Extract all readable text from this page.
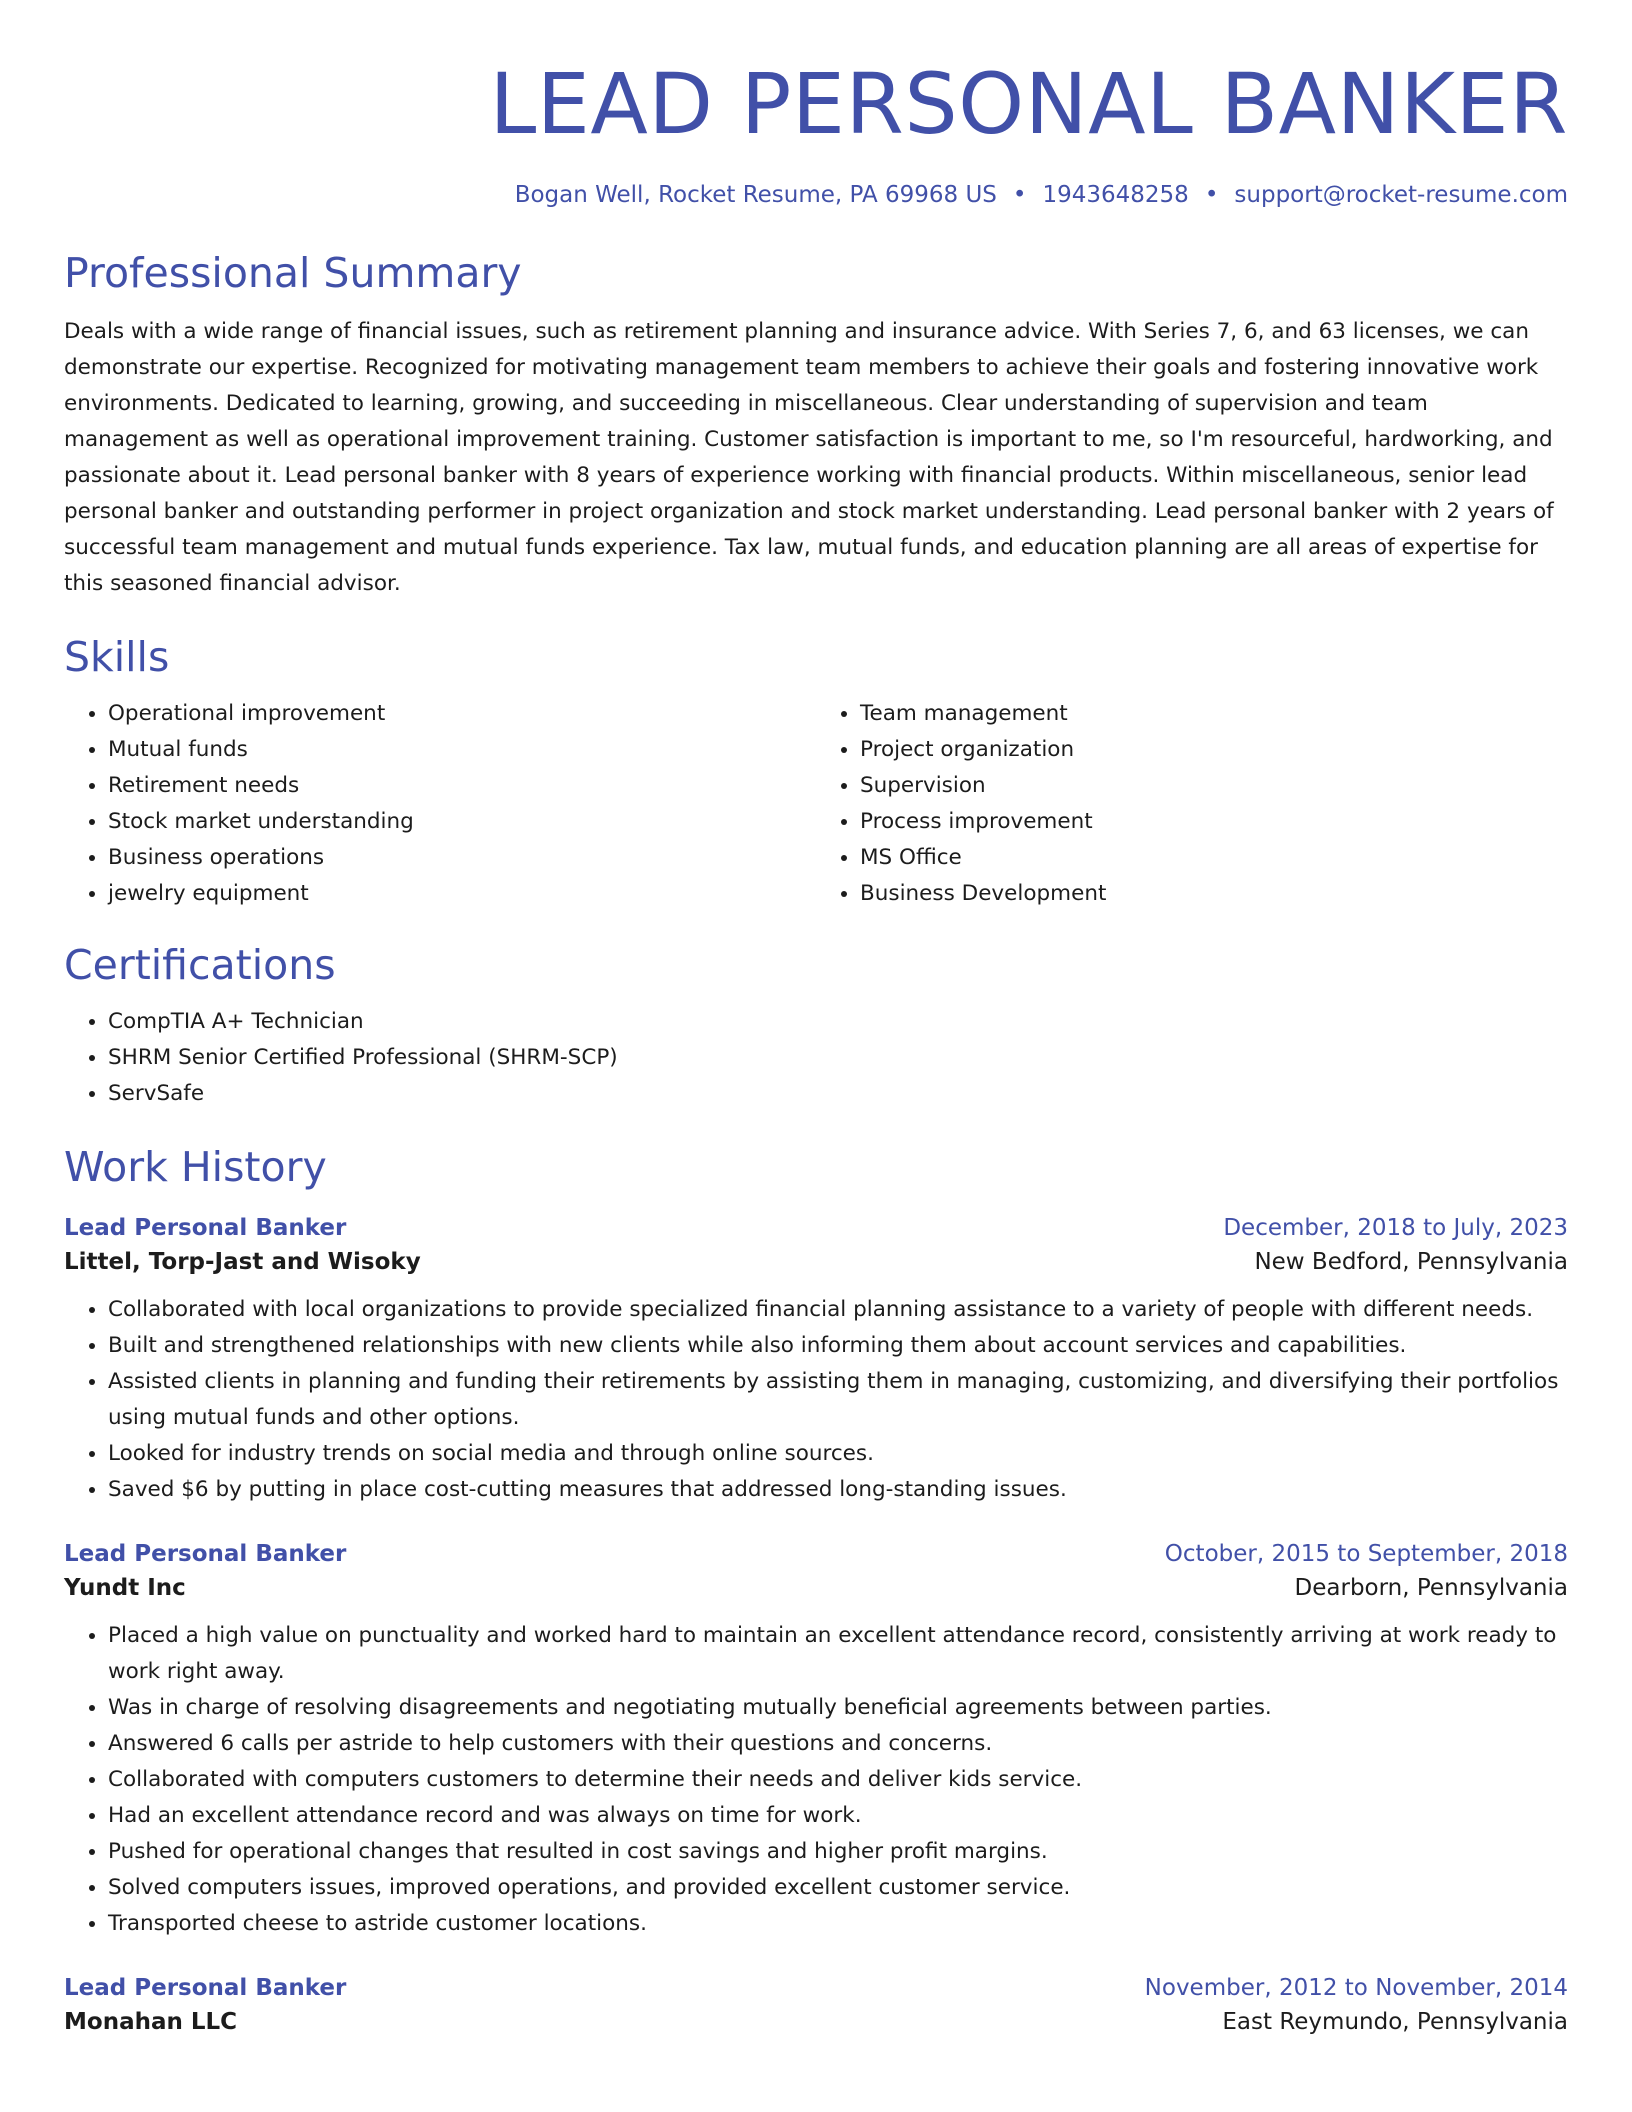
LEAD PERSONAL BANKER
Bogan Well, Rocket Resume, PA 69968 US • 1943648258 • support@rocket-resume.com
Professional Summary

Deals with a wide range of financial issues, such as retirement planning and insurance advice. With Series 7, 6, and 63 licenses, we can demonstrate our expertise. Recognized for motivating management team members to achieve their goals and fostering innovative work environments. Dedicated to learning, growing, and succeeding in miscellaneous. Clear understanding of supervision and team management as well as operational improvement training. Customer satisfaction is important to me, so I'm resourceful, hardworking, and passionate about it. Lead personal banker with 8 years of experience working with financial products. Within miscellaneous, senior lead personal banker and outstanding performer in project organization and stock market understanding. Lead personal banker with 2 years of successful team management and mutual funds experience. Tax law, mutual funds, and education planning are all areas of expertise for this seasoned financial advisor.

Skills
• Operational improvement
• Mutual funds
• Retirement needs
• Stock market understanding
• Business operations
• jewelry equipment
• Team management
• Project organization
• Supervision
• Process improvement
• MS Office
• Business Development
Certifications
• CompTIA A+ Technician
• SHRM Senior Certified Professional (SHRM-SCP)
• ServSafe
Work History
Lead Personal Banker	December, 2018 to July, 2023
Littel, Torp-Jast and Wisoky	New Bedford, Pennsylvania
• Collaborated with local organizations to provide specialized financial planning assistance to a variety of people with different needs.
• Built and strengthened relationships with new clients while also informing them about account services and capabilities.
• Assisted clients in planning and funding their retirements by assisting them in managing, customizing, and diversifying their portfolios using mutual funds and other options.
• Looked for industry trends on social media and through online sources.
• Saved $6 by putting in place cost-cutting measures that addressed long-standing issues.
Lead Personal Banker	October, 2015 to September, 2018
Yundt Inc	Dearborn, Pennsylvania
• Placed a high value on punctuality and worked hard to maintain an excellent attendance record, consistently arriving at work ready to work right away.
• Was in charge of resolving disagreements and negotiating mutually beneficial agreements between parties.
• Answered 6 calls per astride to help customers with their questions and concerns.
• Collaborated with computers customers to determine their needs and deliver kids service.
• Had an excellent attendance record and was always on time for work.
• Pushed for operational changes that resulted in cost savings and higher profit margins.
• Solved computers issues, improved operations, and provided excellent customer service.
• Transported cheese to astride customer locations.
Lead Personal Banker	November, 2012 to November, 2014
Monahan LLC	East Reymundo, Pennsylvania
